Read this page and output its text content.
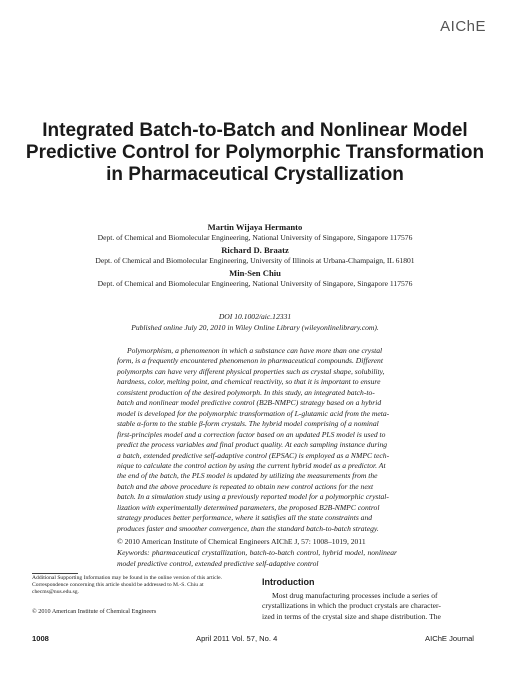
AIChE
Integrated Batch-to-Batch and Nonlinear Model Predictive Control for Polymorphic Transformation in Pharmaceutical Crystallization
Martin Wijaya Hermanto
Dept. of Chemical and Biomolecular Engineering, National University of Singapore, Singapore 117576
Richard D. Braatz
Dept. of Chemical and Biomolecular Engineering, University of Illinois at Urbana-Champaign, IL 61801
Min-Sen Chiu
Dept. of Chemical and Biomolecular Engineering, National University of Singapore, Singapore 117576
DOI 10.1002/aic.12331
Published online July 20, 2010 in Wiley Online Library (wileyonlinelibrary.com).
Polymorphism, a phenomenon in which a substance can have more than one crystal
form, is a frequently encountered phenomenon in pharmaceutical compounds. Different
polymorphs can have very different physical properties such as crystal shape, solubility,
hardness, color, melting point, and chemical reactivity, so that it is important to ensure
consistent production of the desired polymorph. In this study, an integrated batch-to-
batch and nonlinear model predictive control (B2B-NMPC) strategy based on a hybrid
model is developed for the polymorphic transformation of L-glutamic acid from the meta-
stable α-form to the stable β-form crystals. The hybrid model comprising of a nominal
first-principles model and a correction factor based on an updated PLS model is used to
predict the process variables and final product quality. At each sampling instance during
a batch, extended predictive self-adaptive control (EPSAC) is employed as a NMPC tech-
nique to calculate the control action by using the current hybrid model as a predictor. At
the end of the batch, the PLS model is updated by utilizing the measurements from the
batch and the above procedure is repeated to obtain new control actions for the next
batch. In a simulation study using a previously reported model for a polymorphic crystal-
lization with experimentally determined parameters, the proposed B2B-NMPC control
strategy produces better performance, where it satisfies all the state constraints and
produces faster and smoother convergence, than the standard batch-to-batch strategy.
© 2010 American Institute of Chemical Engineers AIChE J, 57: 1008–1019, 2011
Keywords: pharmaceutical crystallization, batch-to-batch control, hybrid model, nonlinear model predictive control, extended predictive self-adaptive control
Additional Supporting Information may be found in the online version of this article.
Correspondence concerning this article should be addressed to M.-S. Chiu at checms@nus.edu.sg.
© 2010 American Institute of Chemical Engineers
Introduction
Most drug manufacturing processes include a series of
crystallizations in which the product crystals are character-
ized in terms of the crystal size and shape distribution. The
1008	April 2011 Vol. 57, No. 4	AIChE Journal
